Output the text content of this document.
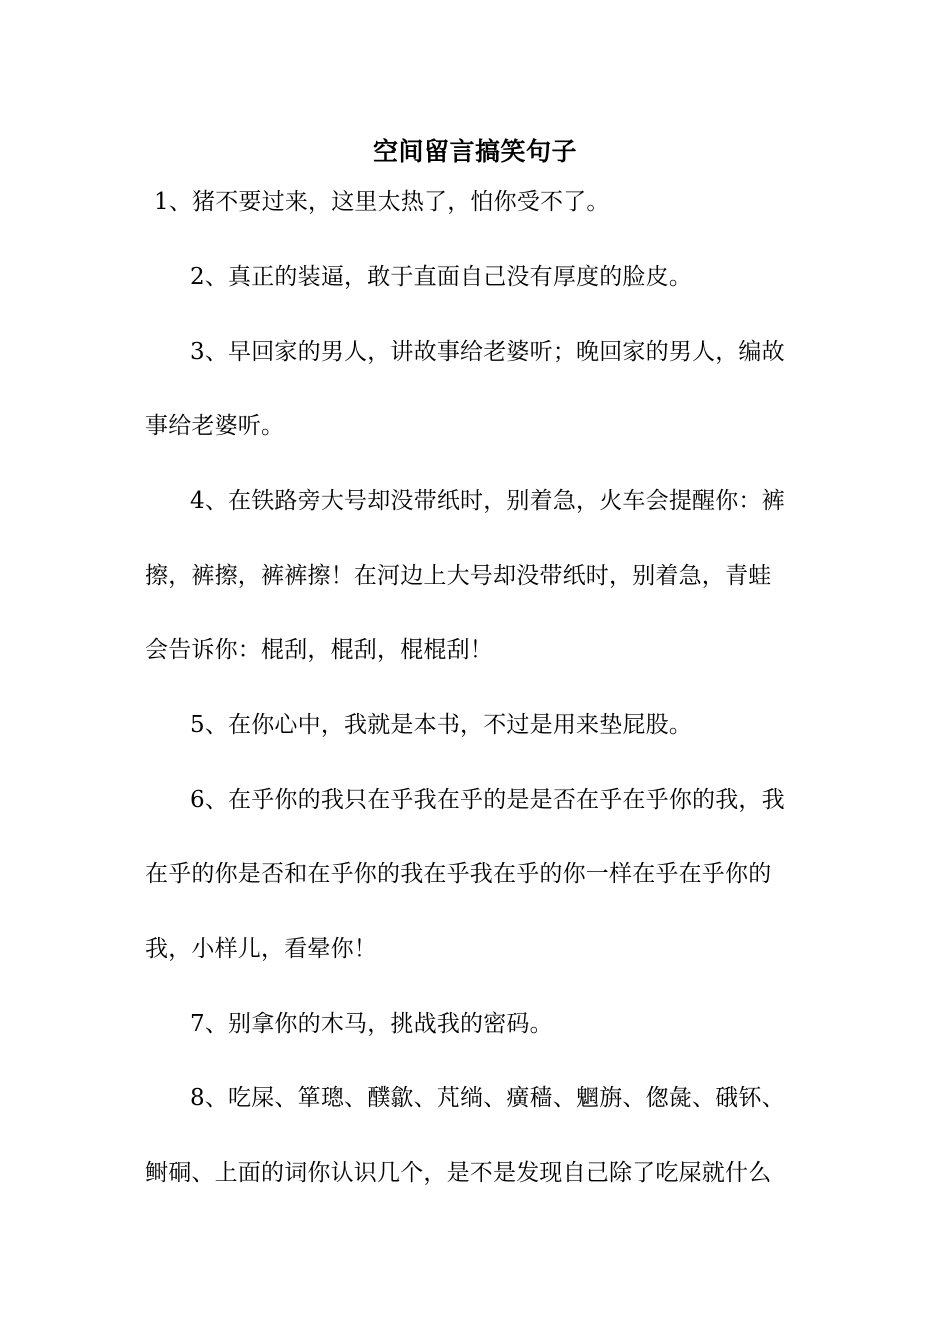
空间留言搞笑句子
1、猪不要过来，这里太热了，怕你受不了。
2、真正的装逼，敢于直面自己没有厚度的脸皮。
3、早回家的男人，讲故事给老婆听；晚回家的男人，编故
事给老婆听。
4、在铁路旁大号却没带纸时，别着急，火车会提醒你：裤
擦，裤擦，裤裤擦！在河边上大号却没带纸时，别着急，青蛙
会告诉你：棍刮，棍刮，棍棍刮！
5、在你心中，我就是本书，不过是用来垫屁股。
6、在乎你的我只在乎我在乎的是是否在乎在乎你的我，我
在乎的你是否和在乎你的我在乎我在乎的你一样在乎在乎你的
我，小样儿，看晕你！
7、别拿你的木马，挑战我的密码。
8、吃屎、箪璁、醭歙、芃绱、癀穑、魍旃、偬彘、硪钚、
鲥硐、上面的词你认识几个，是不是发现自己除了吃屎就什么
